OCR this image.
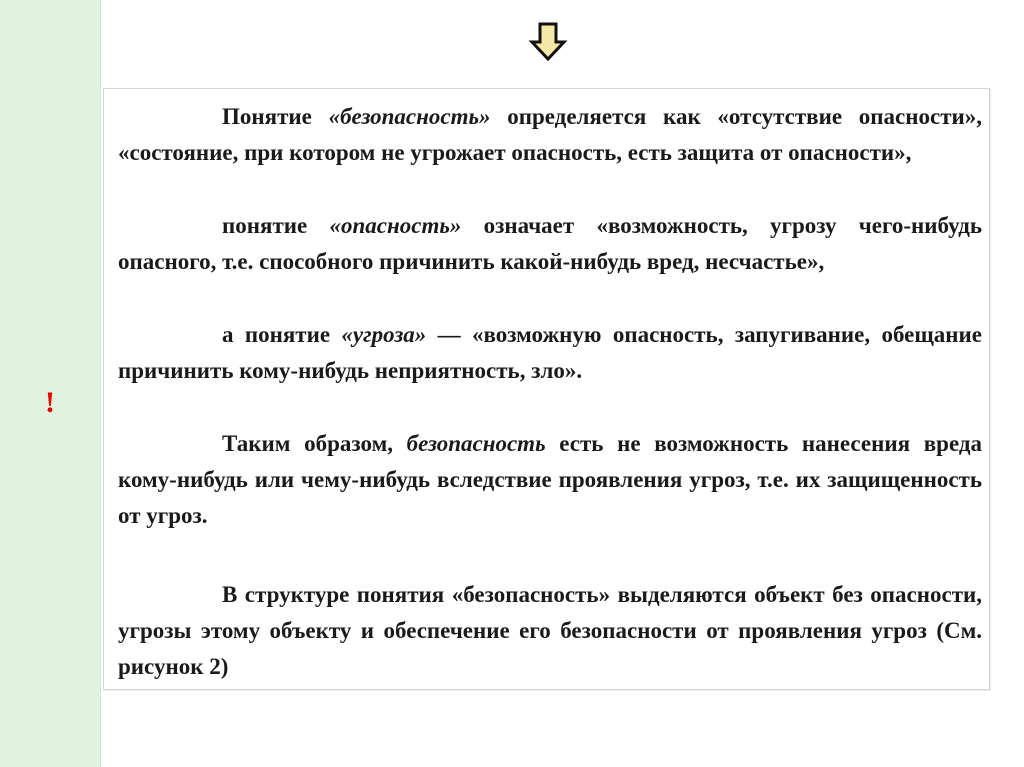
!

Понятие «безопасность» определяется как «отсутствие опасности», «состояние, при котором не угрожает опасность, есть защита от опасности»,

понятие «опасность» означает «возможность, угрозу чего-нибудь опасного, т.е. способного причинить какой-нибудь вред, несчастье»,

а понятие «угроза» — «возможную опасность, запугивание, обещание причинить кому-нибудь неприятность, зло».

Таким образом, безопасность есть не возможность нанесения вреда кому-нибудь или чему-нибудь вследствие проявления угроз, т.е. их защищенность от угроз.

В структуре понятия «безопасность» выделяются объект без опасности, угрозы этому объекту и обеспечение его безопасности от проявления угроз (См. рисунок 2)
